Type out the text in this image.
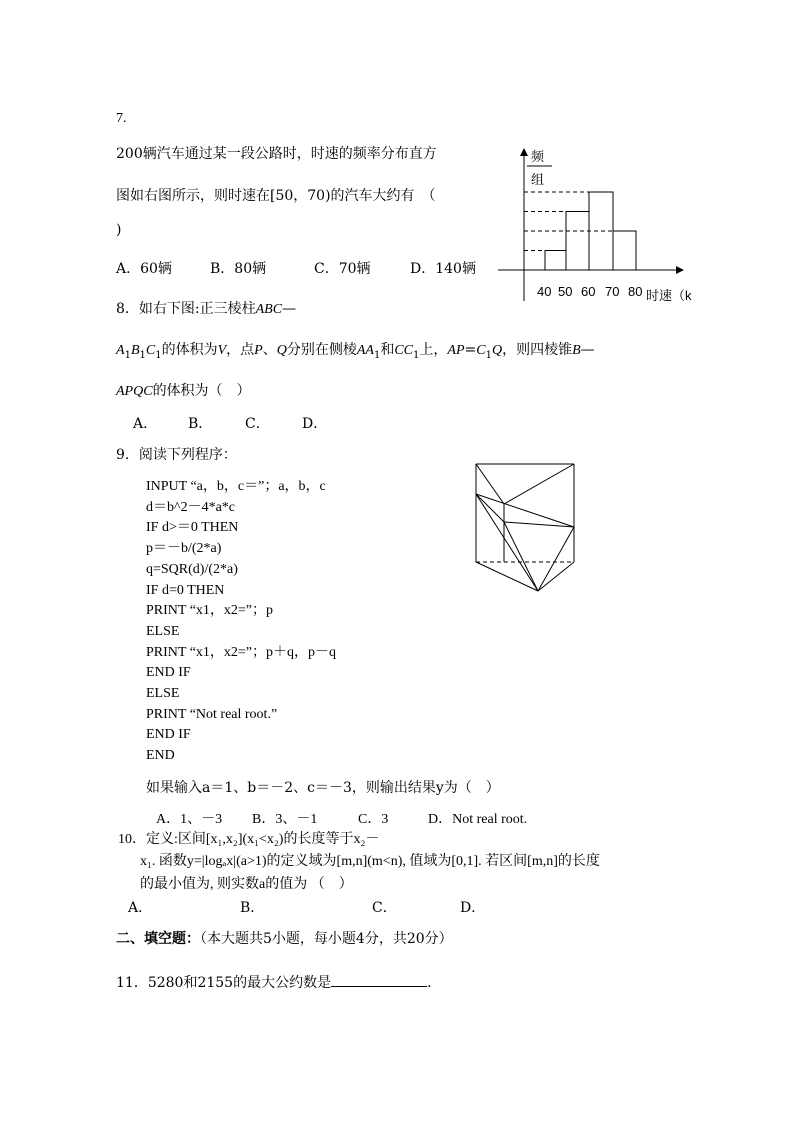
7.
200辆汽车通过某一段公路时，时速的频率分布直方
图如右图所示，则时速在[50，70)的汽车大约有　（
)
A．60辆	B．80辆	C．70辆	D．140辆
频
组
40 50 60 70 80 时速（k
8．如右下图:正三棱柱ABC—
$A_1B_1C_1$的体积为V，点P、Q分别在侧棱$AA_1$和$CC_1$上，$AP=C_1Q$，则四棱锥B—
APQC的体积为（　）
A． B． C． D．
9．阅读下列程序：
INPUT “a，b，c＝”；a，b，c
d＝b^2－4*a*c
IF d>＝0 THEN
p＝－b/(2*a)
q=SQR(d)/(2*a)
IF d=0 THEN
PRINT “x1，x2=”；p
ELSE
PRINT “x1，x2=”；p＋q，p－q
END IF
ELSE
PRINT “Not real root.”
END IF
END
如果输入a＝1、b＝－2、c＝－3，则输出结果y为（　）
A．1、－3 B．3、－1	C．3	D．Not real root.
10．定义:区间[x₁,x₂](x₁<x₂)的长度等于x₂－
x₁. 函数y=|logₐx|(a>1)的定义域为[m,n](m<n), 值域为[0,1]. 若区间[m,n]的长度
的最小值为, 则实数a的值为 （　）
A．	B．	C．	D．
二、填空题：（本大题共5小题，每小题4分，共20分）
11．5280和2155的最大公约数是	.
